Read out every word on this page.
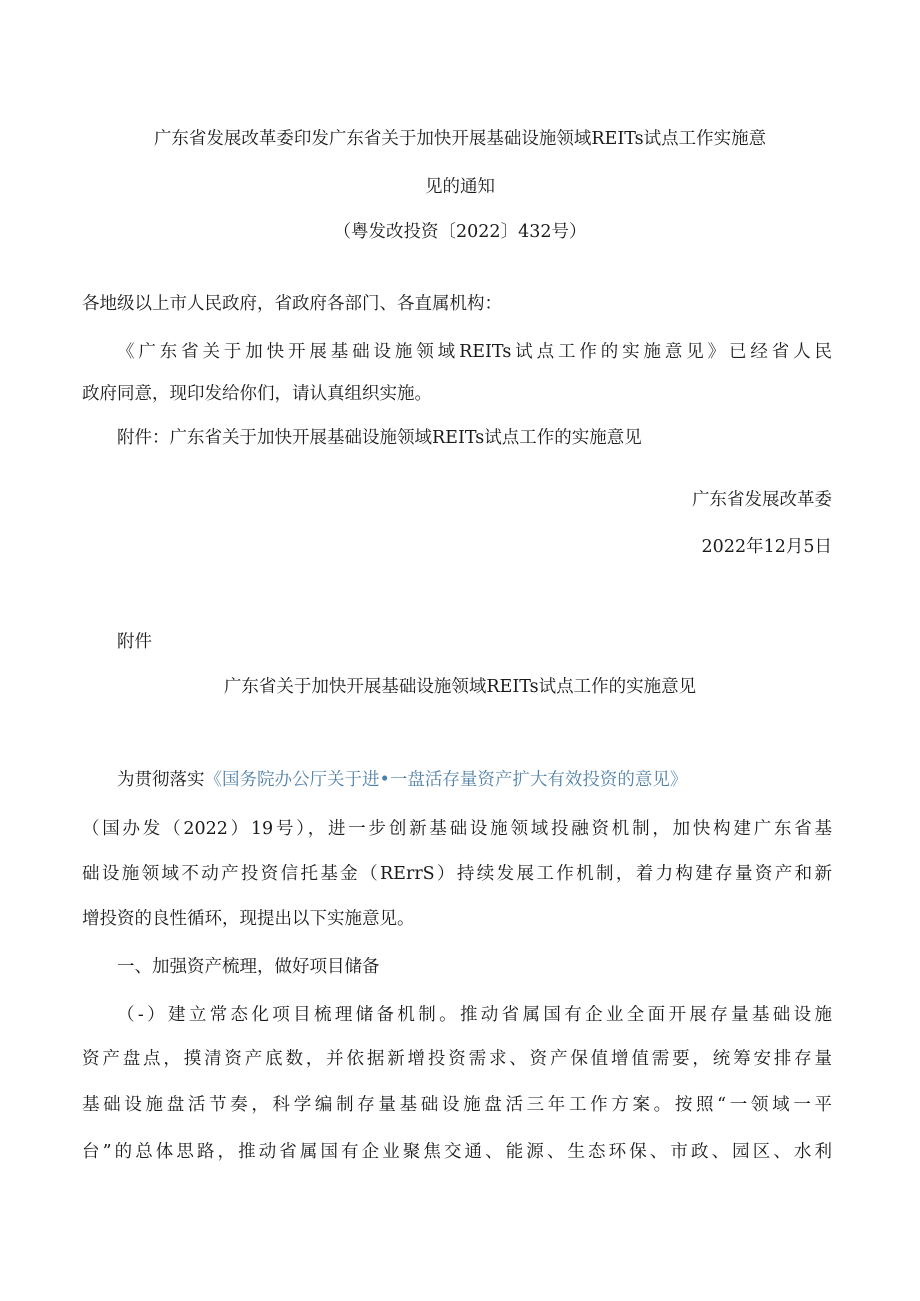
广东省发展改革委印发广东省关于加快开展基础设施领域REITs试点工作实施意
见的通知
（粤发改投资〔2022〕432号）
各地级以上市人民政府，省政府各部门、各直属机构：
《广东省关于加快开展基础设施领域REITs试点工作的实施意见》已经省人民
政府同意，现印发给你们，请认真组织实施。
附件：广东省关于加快开展基础设施领域REITs试点工作的实施意见
广东省发展改革委
2022年12月5日
附件
广东省关于加快开展基础设施领域REITs试点工作的实施意见
为贯彻落实《国务院办公厅关于进•一盘活存量资产扩大有效投资的意见》
（国办发（2022）19号），进一步创新基础设施领域投融资机制，加快构建广东省基
础设施领域不动产投资信托基金（RErrS）持续发展工作机制，着力构建存量资产和新
增投资的良性循环，现提出以下实施意见。
一、加强资产梳理，做好项目储备
（-）建立常态化项目梳理储备机制。推动省属国有企业全面开展存量基础设施
资产盘点，摸清资产底数，并依据新增投资需求、资产保值增值需要，统筹安排存量
基础设施盘活节奏，科学编制存量基础设施盘活三年工作方案。按照“一领域一平
台”的总体思路，推动省属国有企业聚焦交通、能源、生态环保、市政、园区、水利
